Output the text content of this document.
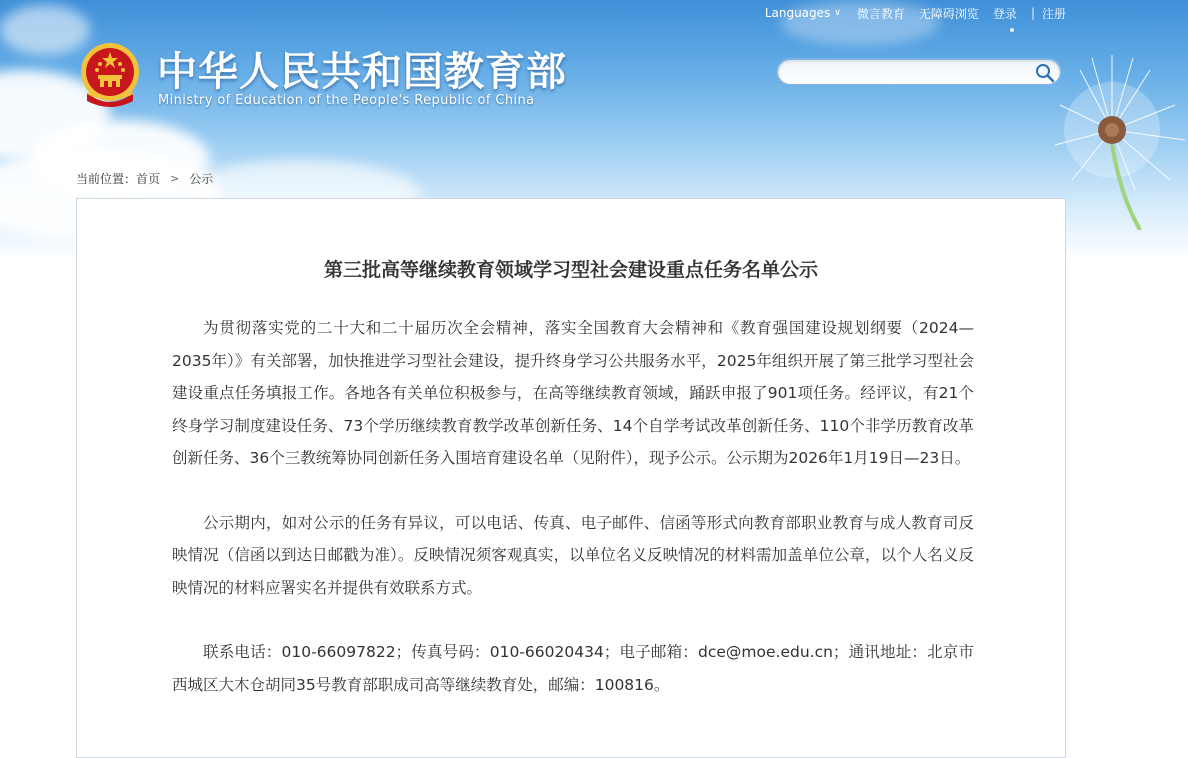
Languages ∨ 微言教育 无障碍浏览 登录 | 注册
中华人民共和国教育部
Ministry of Education of the People's Republic of China
当前位置： 首页 > 公示
第三批高等继续教育领域学习型社会建设重点任务名单公示

为贯彻落实党的二十大和二十届历次全会精神，落实全国教育大会精神和《教育强国建设规划纲要（2024—2035年）》有关部署，加快推进学习型社会建设，提升终身学习公共服务水平，2025年组织开展了第三批学习型社会建设重点任务填报工作。各地各有关单位积极参与，在高等继续教育领域，踊跃申报了901项任务。经评议，有21个终身学习制度建设任务、73个学历继续教育教学改革创新任务、14个自学考试改革创新任务、110个非学历教育改革创新任务、36个三教统筹协同创新任务入围培育建设名单（见附件），现予公示。公示期为2026年1月19日—23日。

公示期内，如对公示的任务有异议，可以电话、传真、电子邮件、信函等形式向教育部职业教育与成人教育司反映情况（信函以到达日邮戳为准）。反映情况须客观真实，以单位名义反映情况的材料需加盖单位公章，以个人名义反映情况的材料应署实名并提供有效联系方式。

联系电话：010-66097822；传真号码：010-66020434；电子邮箱：dce@moe.edu.cn；通讯地址：北京市西城区大木仓胡同35号教育部职成司高等继续教育处，邮编：100816。
